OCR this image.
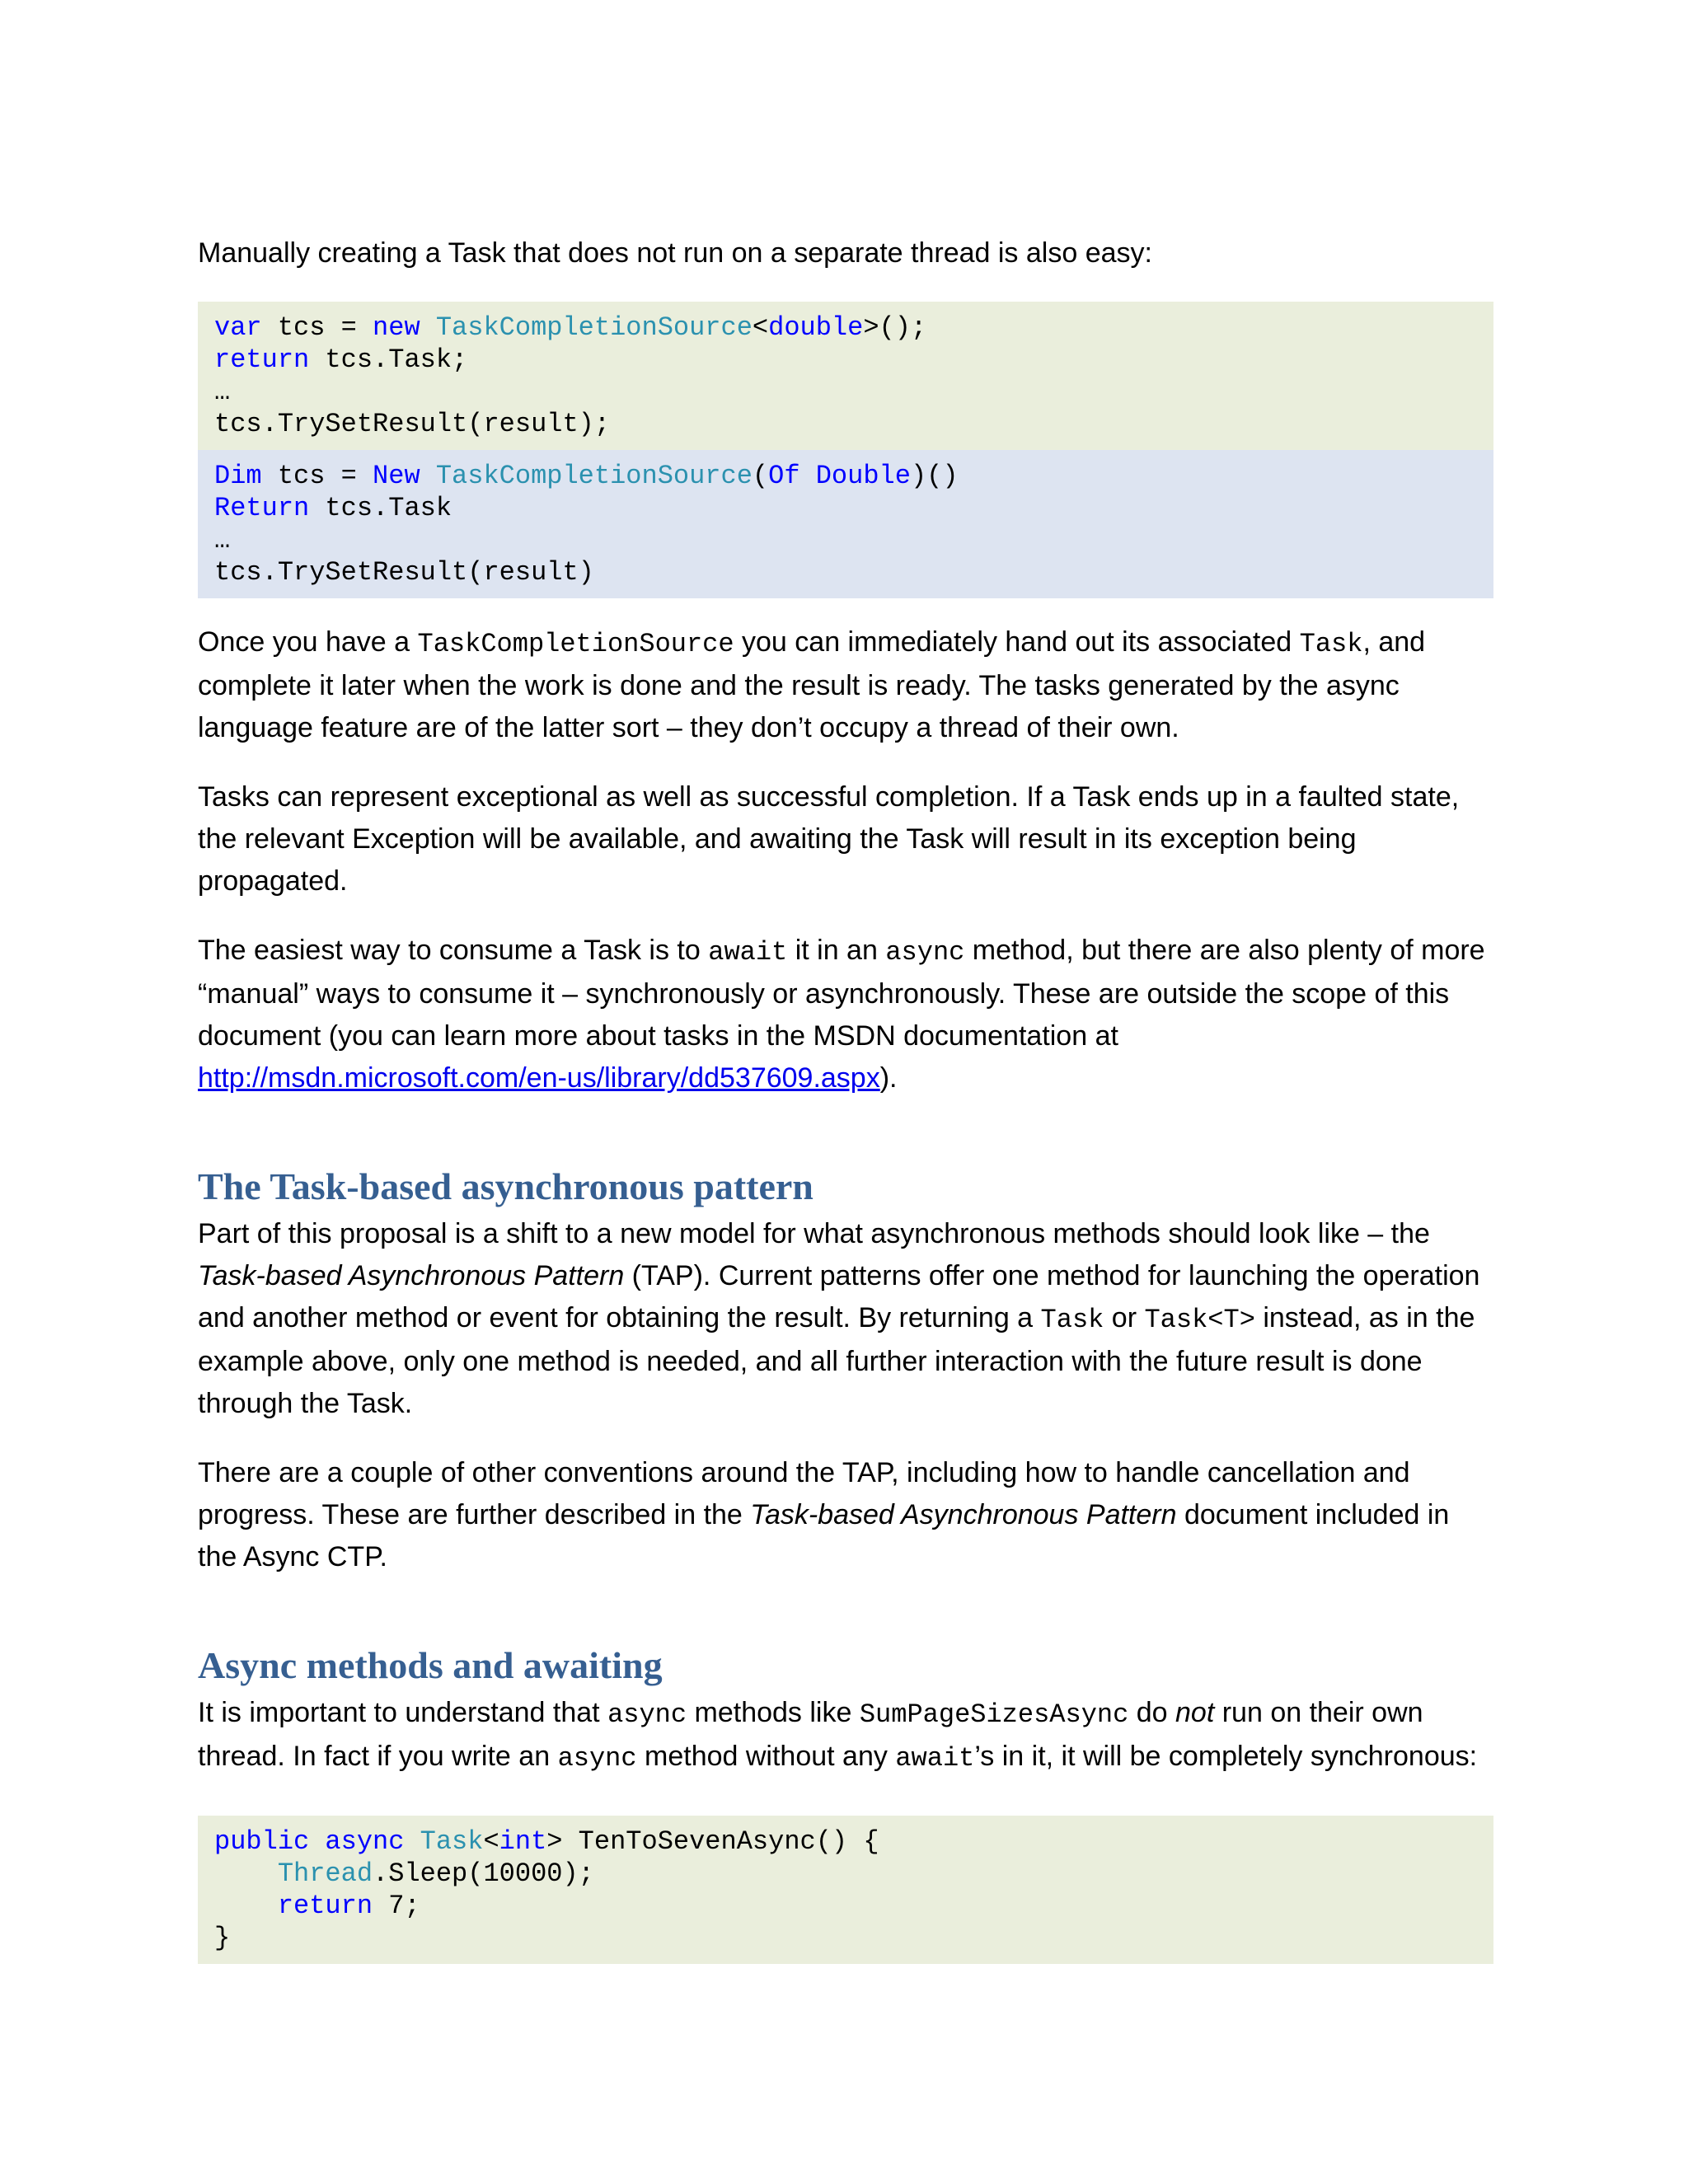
Manually creating a Task that does not run on a separate thread is also easy:

var tcs = new TaskCompletionSource<double>();
return tcs.Task;
…
tcs.TrySetResult(result);
Dim tcs = New TaskCompletionSource(Of Double)()
Return tcs.Task
…
tcs.TrySetResult(result)

Once you have a TaskCompletionSource you can immediately hand out its associated Task, and complete it later when the work is done and the result is ready. The tasks generated by the async language feature are of the latter sort – they don’t occupy a thread of their own.

Tasks can represent exceptional as well as successful completion. If a Task ends up in a faulted state, the relevant Exception will be available, and awaiting the Task will result in its exception being propagated.

The easiest way to consume a Task is to await it in an async method, but there are also plenty of more “manual” ways to consume it – synchronously or asynchronously. These are outside the scope of this document (you can learn more about tasks in the MSDN documentation at http://msdn.microsoft.com/en-us/library/dd537609.aspx).

The Task-based asynchronous pattern

Part of this proposal is a shift to a new model for what asynchronous methods should look like – the Task-based Asynchronous Pattern (TAP). Current patterns offer one method for launching the operation and another method or event for obtaining the result. By returning a Task or Task<T> instead, as in the example above, only one method is needed, and all further interaction with the future result is done through the Task.

There are a couple of other conventions around the TAP, including how to handle cancellation and progress. These are further described in the Task-based Asynchronous Pattern document included in the Async CTP.

Async methods and awaiting

It is important to understand that async methods like SumPageSizesAsync do not run on their own thread. In fact if you write an async method without any await’s in it, it will be completely synchronous:

public async Task<int> TenToSevenAsync() {
Thread.Sleep(10000);
return 7;
}
